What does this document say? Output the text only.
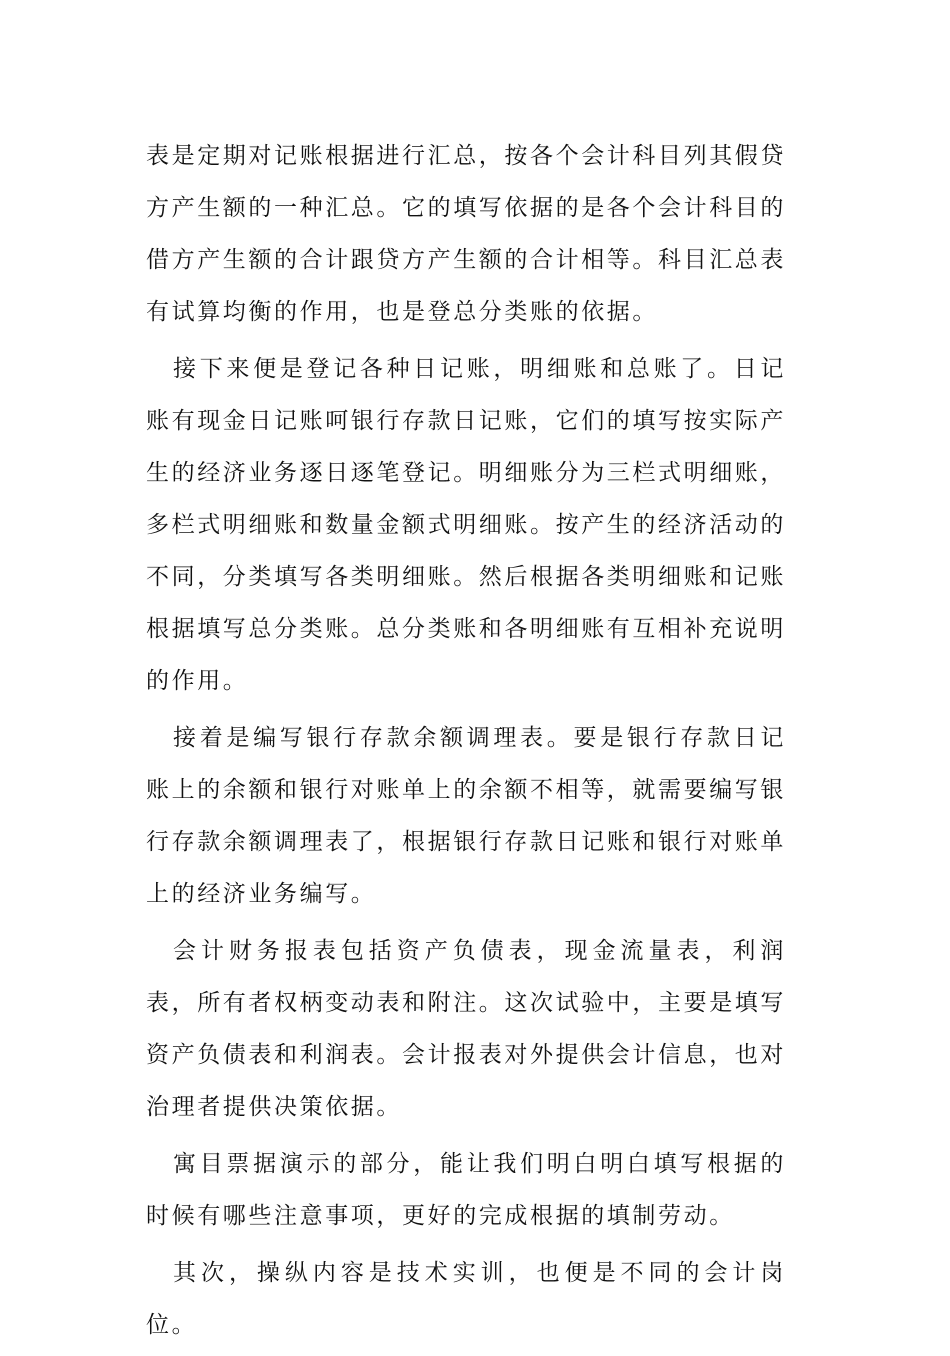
表是定期对记账根据进行汇总，按各个会计科目列其假贷方产生额的一种汇总。它的填写依据的是各个会计科目的借方产生额的合计跟贷方产生额的合计相等。科目汇总表有试算均衡的作用，也是登总分类账的依据。

接下来便是登记各种日记账，明细账和总账了。日记账有现金日记账呵银行存款日记账，它们的填写按实际产生的经济业务逐日逐笔登记。明细账分为三栏式明细账，多栏式明细账和数量金额式明细账。按产生的经济活动的不同，分类填写各类明细账。然后根据各类明细账和记账根据填写总分类账。总分类账和各明细账有互相补充说明的作用。

接着是编写银行存款余额调理表。要是银行存款日记账上的余额和银行对账单上的余额不相等，就需要编写银行存款余额调理表了，根据银行存款日记账和银行对账单上的经济业务编写。

会计财务报表包括资产负债表，现金流量表，利润表，所有者权柄变动表和附注。这次试验中，主要是填写资产负债表和利润表。会计报表对外提供会计信息，也对治理者提供决策依据。

寓目票据演示的部分，能让我们明白明白填写根据的时候有哪些注意事项，更好的完成根据的填制劳动。

其次，操纵内容是技术实训，也便是不同的会计岗位。
